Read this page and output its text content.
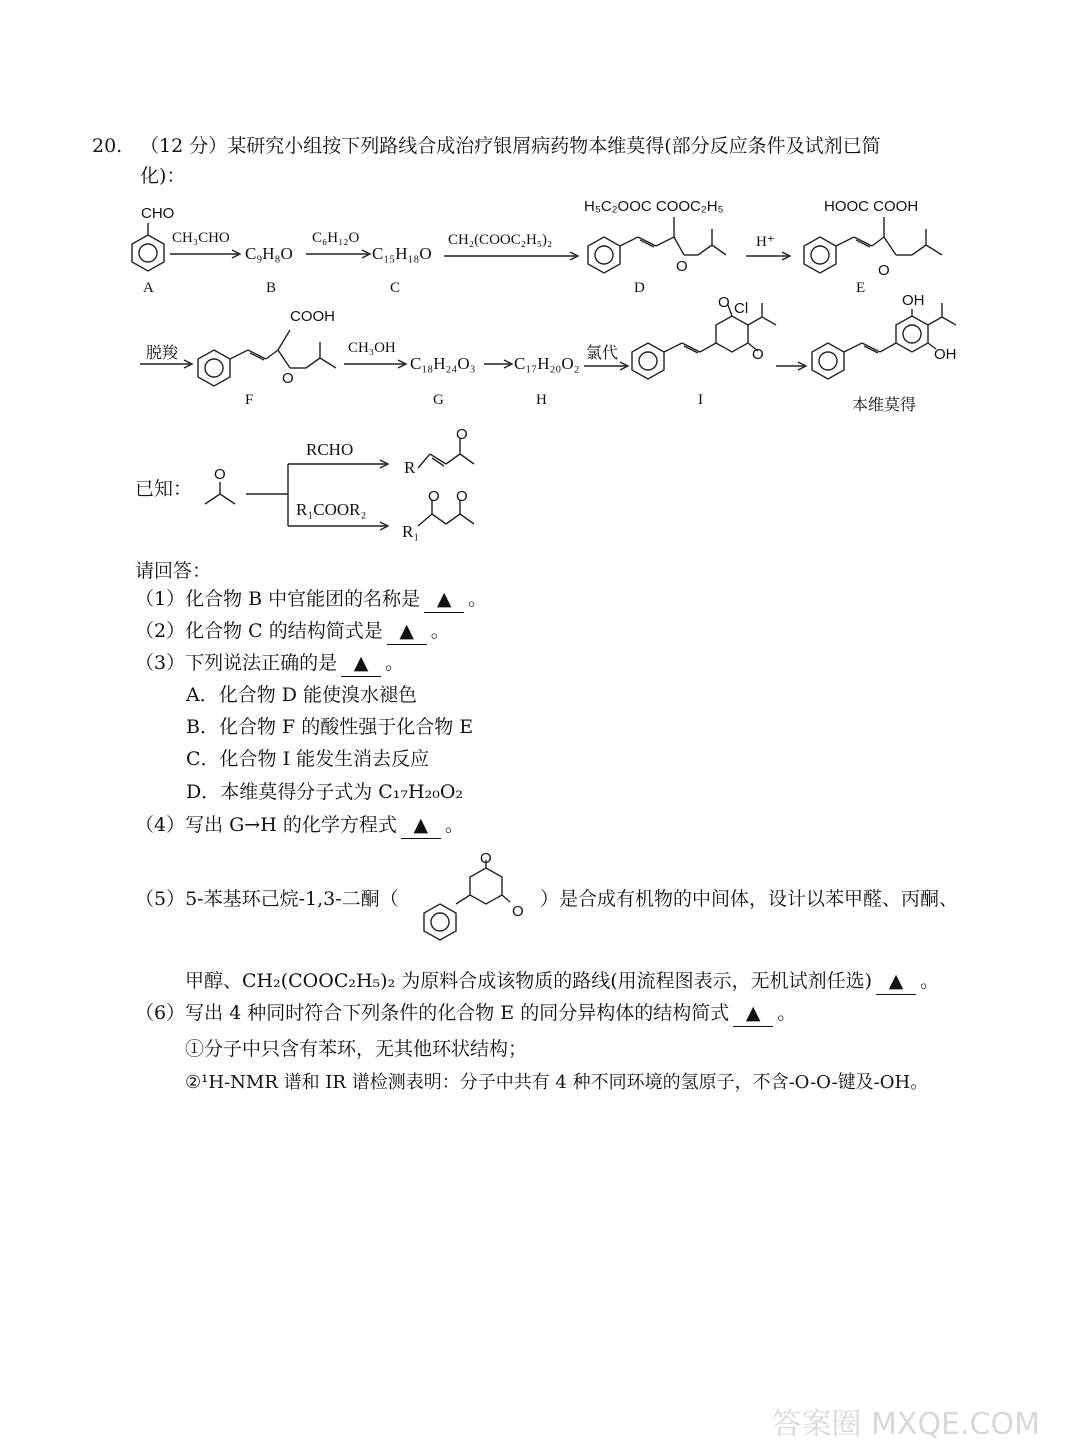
20. （12 分）某研究小组按下列路线合成治疗银屑病药物本维莫得(部分反应条件及试剂已简
化)：
CHO
A
CH₃CHO
C₉H₈O
B
C₆H₁₂O
C₁₅H₁₈O
C
CH₂(COOC₂H₅)₂
H₅C₂OOC COOC₂H₅
O
D
H⁺
HOOC COOH
O
E
脱羧
COOH
O
F
CH₃OH
C₁₈H₂₄O₃
G
C₁₇H₂₀O₂
H
氯代
O Cl
O
I
OH
OH
本维莫得
已知：
O
RCHO
R₁COOR₂
R
O
R₁
O O
请回答：
（1）化合物 B 中官能团的名称是 ▲ 。
（2）化合物 C 的结构简式是 ▲ 。
（3）下列说法正确的是 ▲ 。
A．化合物 D 能使溴水褪色
B．化合物 F 的酸性强于化合物 E
C．化合物 I 能发生消去反应
D．本维莫得分子式为 C₁₇H₂₀O₂
（4）写出 G→H 的化学方程式 ▲ 。
（5）5-苯基环己烷-1,3-二酮（
O
O
）是合成有机物的中间体，设计以苯甲醛、丙酮、
甲醇、CH₂(COOC₂H₅)₂ 为原料合成该物质的路线(用流程图表示，无机试剂任选) ▲ 。
（6）写出 4 种同时符合下列条件的化合物 E 的同分异构体的结构简式 ▲ 。
①分子中只含有苯环，无其他环状结构；
②¹H-NMR 谱和 IR 谱检测表明：分子中共有 4 种不同环境的氢原子，不含-O-O-键及-OH。
答案圈 MXQE.COM
